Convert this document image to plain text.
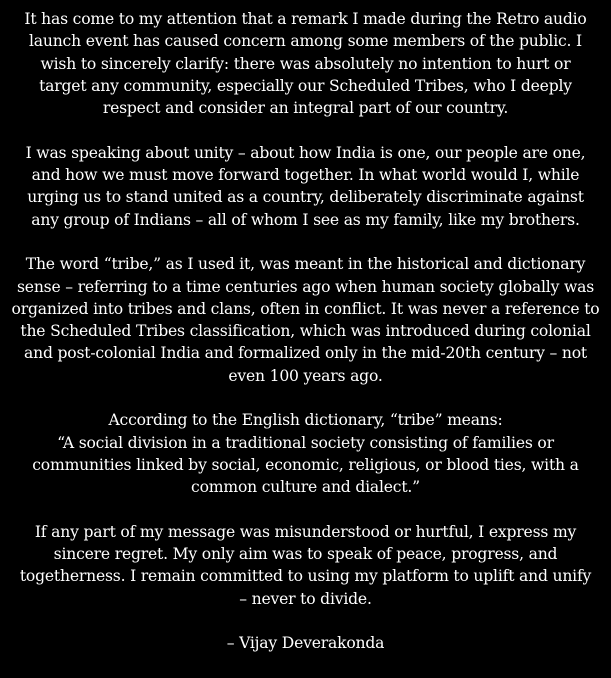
It has come to my attention that a remark I made during the Retro audio
launch event has caused concern among some members of the public. I
wish to sincerely clarify: there was absolutely no intention to hurt or
target any community, especially our Scheduled Tribes, who I deeply
respect and consider an integral part of our country.
I was speaking about unity – about how India is one, our people are one,
and how we must move forward together. In what world would I, while
urging us to stand united as a country, deliberately discriminate against
any group of Indians – all of whom I see as my family, like my brothers.
The word “tribe,” as I used it, was meant in the historical and dictionary
sense – referring to a time centuries ago when human society globally was
organized into tribes and clans, often in conflict. It was never a reference to
the Scheduled Tribes classification, which was introduced during colonial
and post-colonial India and formalized only in the mid-20th century – not
even 100 years ago.
According to the English dictionary, “tribe” means:
“A social division in a traditional society consisting of families or
communities linked by social, economic, religious, or blood ties, with a
common culture and dialect.”
If any part of my message was misunderstood or hurtful, I express my
sincere regret. My only aim was to speak of peace, progress, and
togetherness. I remain committed to using my platform to uplift and unify
– never to divide.
– Vijay Deverakonda
